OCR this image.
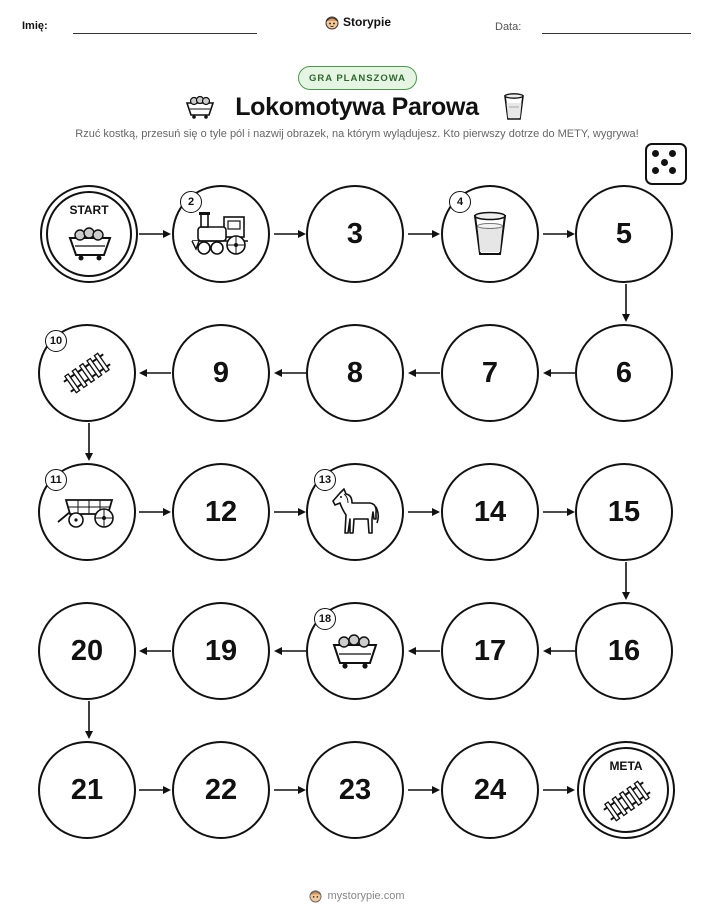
Imię:	Storypie	Data:
GRA PLANSZOWA
Lokomotywa Parowa
Rzuć kostką, przesuń się o tyle pól i nazwij obrazek, na którym wylądujesz. Kto pierwszy dotrze do METY, wygrywa!
START
3	5
9	8	7	6
12	14	15
20	19	17	16
21	22	23	24
META
2	4
10
11	13
18
mystorypie.com
